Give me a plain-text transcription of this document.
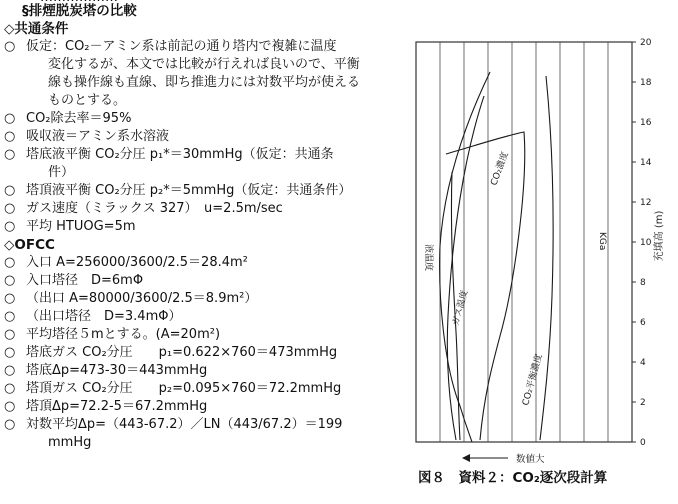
§排煙脱炭塔の比較
◇共通条件
○ 仮定：CO₂－アミン系は前記の通り塔内で複雑に温度
変化するが、本文では比較が行えれば良いので、平衡
線も操作線も直線、即ち推進力には対数平均が使える
ものとする。
○ CO₂除去率＝95%
○ 吸収液＝アミン系水溶液
○ 塔底液平衡 CO₂分圧 p₁*＝30mmHg（仮定：共通条
件）
○ 塔頂液平衡 CO₂分圧 p₂*＝5mmHg（仮定：共通条件）
○ ガス速度（ミラックス 327）　u=2.5m/sec
○ 平均 HTUOG=5m
◇OFCC
○ 入口 A=256000/3600/2.5＝28.4m²
○ 入口塔径　D=6mΦ
○ （出口 A=80000/3600/2.5＝8.9m²）
○ （出口塔径　D=3.4mΦ）
○ 平均塔径５mとする。(A=20m²)
○ 塔底ガス CO₂分圧　　p₁=0.622×760＝473mmHg
○ 塔底Δp=473-30＝443mmHg
○ 塔頂ガス CO₂分圧　　p₂=0.095×760＝72.2mmHg
○ 塔頂Δp=72.2-5＝67.2mmHg
○ 対数平均Δp=（443-67.2）／LN（443/67.2）＝199
mmHg	0
2
4
6
8
10
12
14
16
18
20
液温度
CO₂濃度
ガス温度
CO₂平衡濃度
KGa
数値大
充填高 (m)
図８　資料２：CO₂逐次段計算
